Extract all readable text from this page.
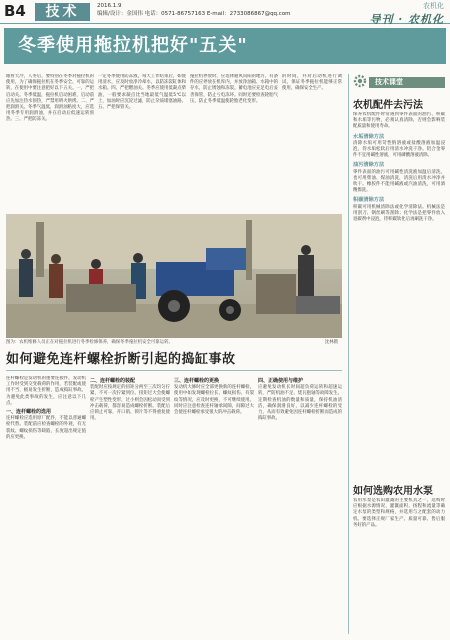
B4	技术	2016.1.9
编辑/设计：金国伟 电话：0571-86757163 E-mail：2733086867@qq.com
农机化
导刊 · 农机化
冬季使用拖拉机把好"五关"
眼看天冷，人冬后，要特别在冬季对拖拉机的使用，为了确保拖拉机在冬季安全、可靠的运转，在使用中要注意把好以下五关。一、严把启动关。冬季低温，拖拉机启动困难，启动前应先加注热水预热，严禁用明火烘烤。二、严把润滑关。冬季气温低，润滑油粘度大，应选用冬季专用润滑油，并在启动后低速运转预热。三、严把防冻关。
一定冬季使用防冻液，每天工作结束后，如使用清水，应及时放净冷却水，以防冻裂缸体和水箱。四、严把燃油关。冬季应使用低凝点柴油，一般要求凝点比当地最低气温低5℃以上，加油时应沉淀过滤，防止杂质堵塞油路。五、严把保管关。
拖拉机停放时，应选择避风向阳的地方，有条件的应停放在机库内，并放净油箱、水箱中的存水，防止锈蚀和冻裂。蓄电池应充足电后妥善保管，防止亏电冻坏。同时还要检查轮胎气压，防止冬季低温使轮胎老化变形。
的时间，并对启动机进行调试，保证冬季拖拉机能够正常使用，确保安全生产。
图为：农机维修人员正在对拖拉机进行冬季检修保养，确保冬季拖拉机安全可靠运转。	沈林摄
如何避免连杆螺栓折断引起的捣缸事故

连杆螺栓是发动机的重要连接件，发动机工作时受到交变载荷的作用，若装配或使用不当，极易发生折断，造成捣缸事故。为避免此类事故的发生，应注意以下几点。

一、连杆螺栓的选用

连杆螺栓应选用原厂配件，不能以普通螺栓代替。装配前应检查螺栓的外观，有无裂纹、螺纹损伤等缺陷，长度超出规定值的应更换。

二、连杆螺栓的装配

装配时应按规定的扭矩分两至三次均匀拧紧，不可一次拧紧到位。扭矩过大会使螺栓产生塑性变形，过小则会因松动而受到冲击载荷，都容易造成螺栓折断。装配后应锁止可靠，开口销、锁片等不得重复使用。

三、连杆螺栓的更换

发动机大修时应全部更换新的连杆螺栓。使用中如发现螺栓拉长、螺纹损伤、有裂纹等情况，应及时更换，不可继续使用。同时应注意检查连杆轴承间隙，间隙过大会使连杆螺栓承受很大的冲击载荷。

四、正确使用与维护

应避免发动机长时间超负荷运转和超速运转，严防机油不足、烧瓦抱轴等故障发生。定期检查机油的数量和质量，保持机油清洁，确保润滑良好，以减少连杆螺栓的受力，从而有效避免因连杆螺栓折断而造成的捣缸事故。

技术课堂
农机配件去污法

保养农机配件时常遇到零件表面的油污、积碳和水垢等污物，必须认真清除，否则会影响装配质量和使用寿命。

水垢清除方法

清除水垢可用苛性钠溶液或盐酸溶液加温浸泡，待水垢松软后用清水冲洗干净。铝合金零件不宜用碱性溶液，可用磷酸溶液清除。

油污清除方法

零件表面的油污可用碱性清洗液加温后清洗，也可用柴油、煤油清洗，清洗后用清水冲净并吹干。橡胶件不能用碱液或汽油清洗，可用酒精擦洗。

积碳清除方法

积碳可用机械清除法或化学清除法。机械法是用刮刀、钢丝刷等刮除；化学法是把零件放入退碳剂中浸泡，待积碳软化后再刷洗干净。

如何选购农用水泵
农用水泵是农田灌溉的主要机具之一，选购时应根据水源情况、灌溉面积、扬程和流量等确定水泵的类型和规格，并选用与之配套的动力机。要选择正规厂家生产、质量可靠、售后服务好的产品。
